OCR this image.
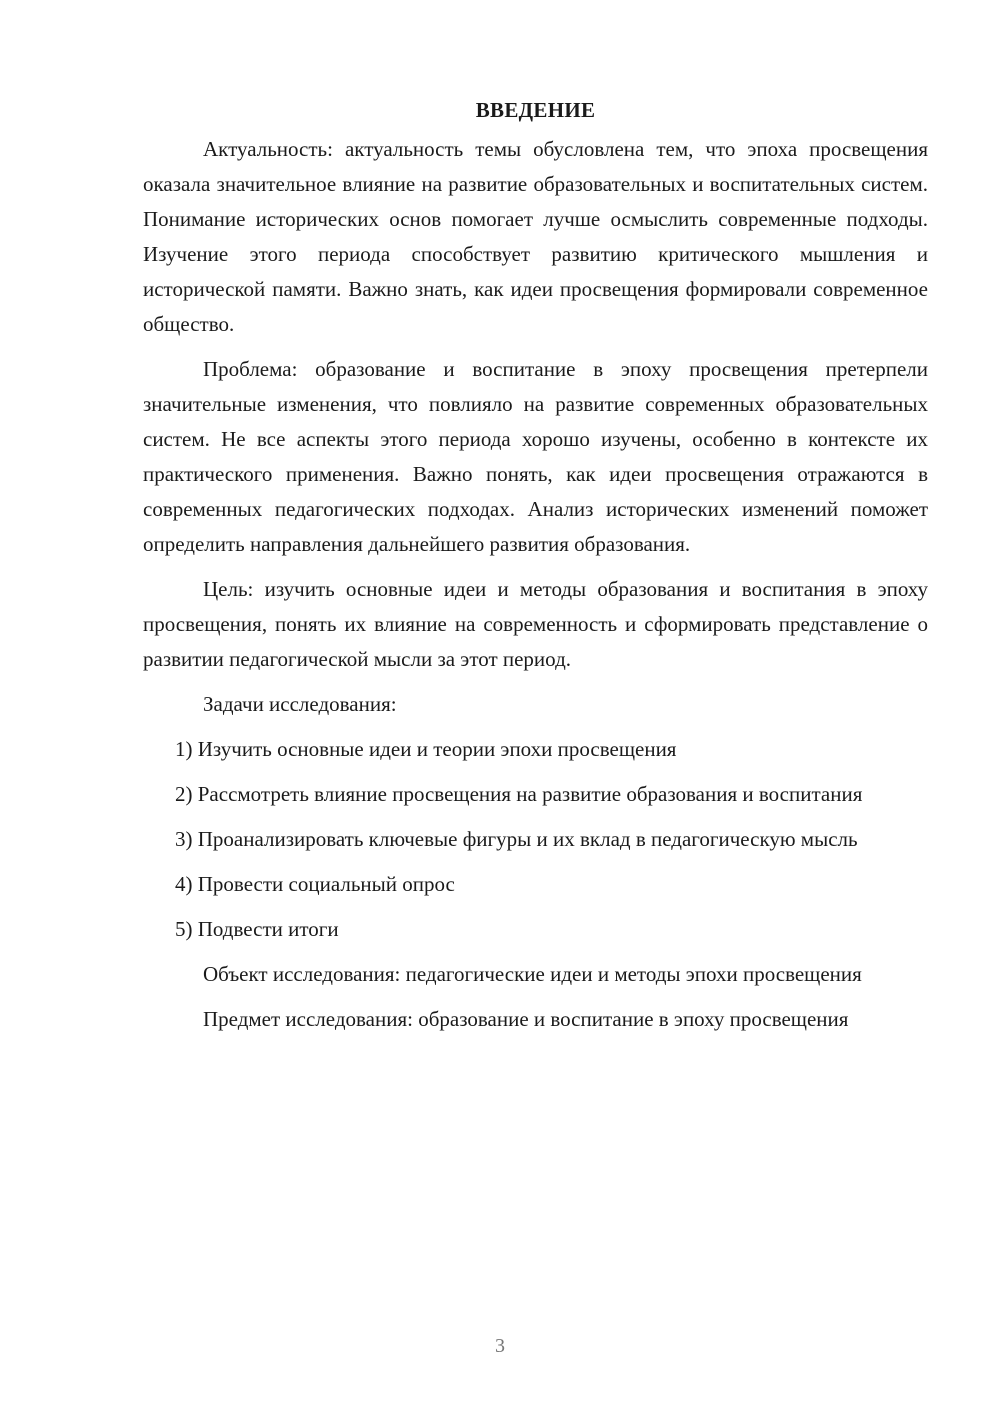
ВВЕДЕНИЕ

Актуальность: актуальность темы обусловлена тем, что эпоха просвещения оказала значительное влияние на развитие образовательных и воспитательных систем. Понимание исторических основ помогает лучше осмыслить современные подходы. Изучение этого периода способствует развитию критического мышления и исторической памяти. Важно знать, как идеи просвещения формировали современное общество.

Проблема: образование и воспитание в эпоху просвещения претерпели значительные изменения, что повлияло на развитие современных образовательных систем. Не все аспекты этого периода хорошо изучены, особенно в контексте их практического применения. Важно понять, как идеи просвещения отражаются в современных педагогических подходах. Анализ исторических изменений поможет определить направления дальнейшего развития образования.

Цель: изучить основные идеи и методы образования и воспитания в эпоху просвещения, понять их влияние на современность и сформировать представление о развитии педагогической мысли за этот период.

Задачи исследования:

1) Изучить основные идеи и теории эпохи просвещения

2) Рассмотреть влияние просвещения на развитие образования и воспитания

3) Проанализировать ключевые фигуры и их вклад в педагогическую мысль

4) Провести социальный опрос

5) Подвести итоги

Объект исследования: педагогические идеи и методы эпохи просвещения

Предмет исследования: образование и воспитание в эпоху просвещения

3
